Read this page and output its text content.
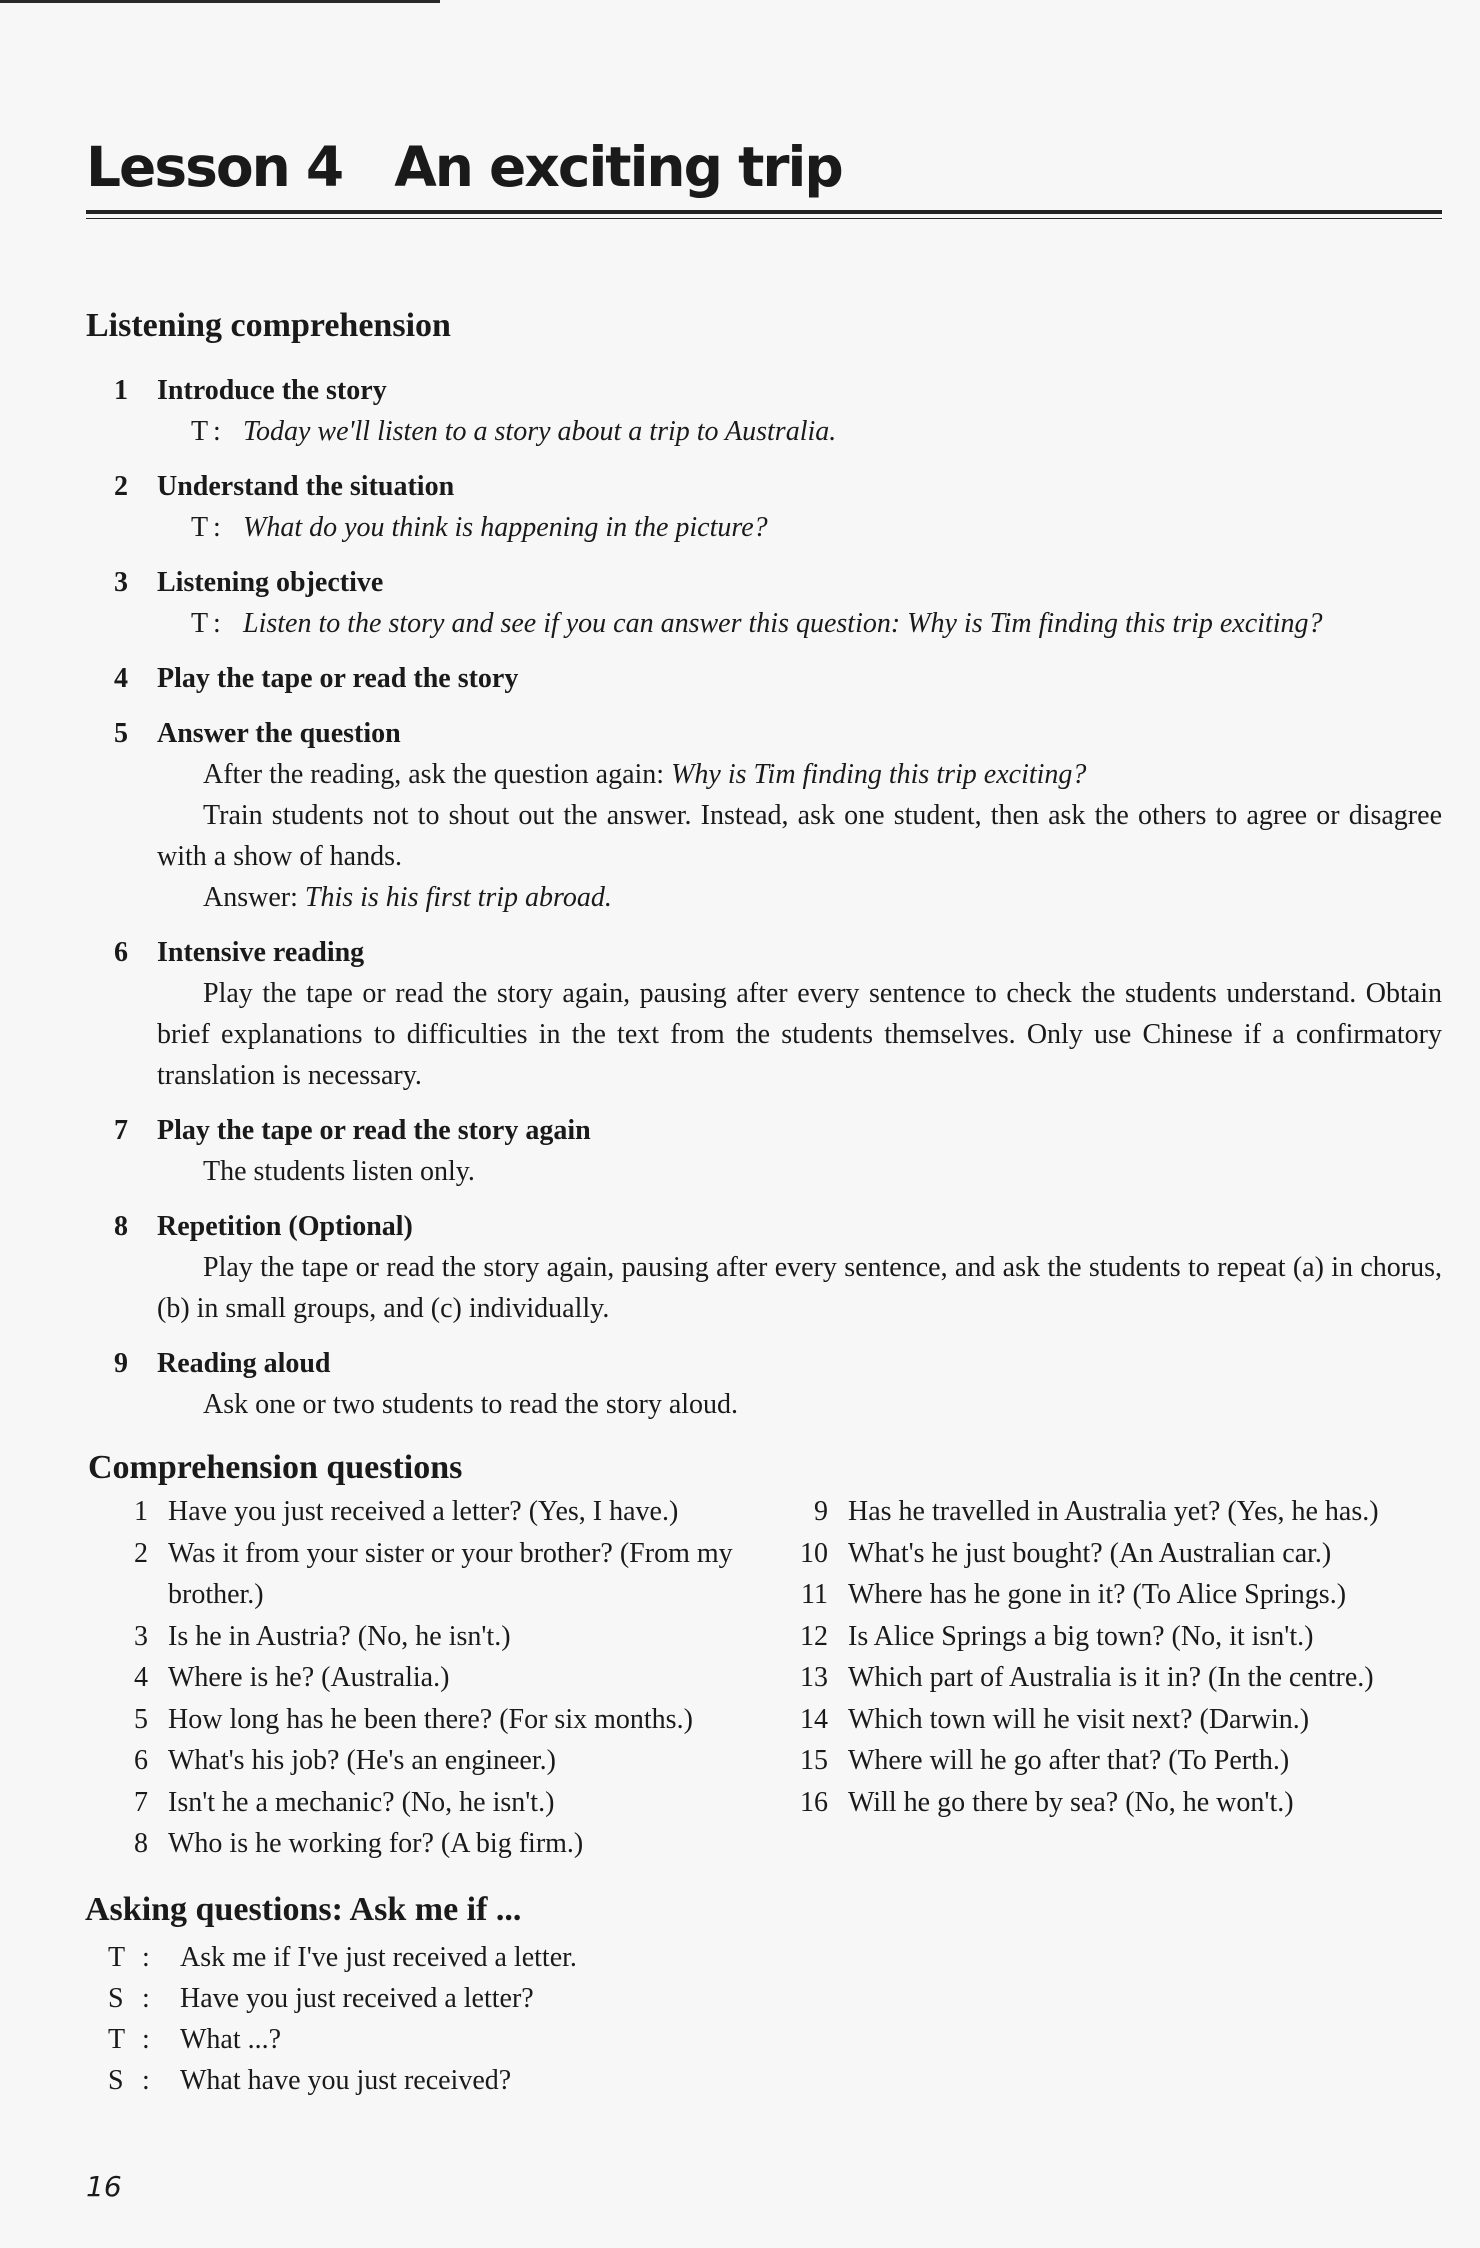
Lesson 4 An exciting trip
Listening comprehension
1	Introduce the story
T : Today we'll listen to a story about a trip to Australia.
2	Understand the situation
T : What do you think is happening in the picture?
3	Listening objective
T : Listen to the story and see if you can answer this question: Why is Tim finding this trip exciting?
4	Play the tape or read the story
5	Answer the question
After the reading, ask the question again: Why is Tim finding this trip exciting?
Train students not to shout out the answer. Instead, ask one student, then ask the others to agree or disagree with a show of hands.
Answer: This is his first trip abroad.
6	Intensive reading
Play the tape or read the story again, pausing after every sentence to check the students understand. Obtain brief explanations to difficulties in the text from the students themselves. Only use Chinese if a confirmatory translation is necessary.
7	Play the tape or read the story again
The students listen only.
8	Repetition (Optional)
Play the tape or read the story again, pausing after every sentence, and ask the students to repeat (a) in chorus, (b) in small groups, and (c) individually.
9	Reading aloud
Ask one or two students to read the story aloud.
Comprehension questions
1 Have you just received a letter? (Yes, I have.)
2 Was it from your sister or your brother? (From my brother.)
3 Is he in Austria? (No, he isn't.)
4 Where is he? (Australia.)
5 How long has he been there? (For six months.)
6 What's his job? (He's an engineer.)
7 Isn't he a mechanic? (No, he isn't.)
8 Who is he working for? (A big firm.)
9 Has he travelled in Australia yet? (Yes, he has.)
10 What's he just bought? (An Australian car.)
11 Where has he gone in it? (To Alice Springs.)
12 Is Alice Springs a big town? (No, it isn't.)
13 Which part of Australia is it in? (In the centre.)
14 Which town will he visit next? (Darwin.)
15 Where will he go after that? (To Perth.)
16 Will he go there by sea? (No, he won't.)
Asking questions: Ask me if ...
T : Ask me if I've just received a letter.
S : Have you just received a letter?
T : What ...?
S : What have you just received?
16
